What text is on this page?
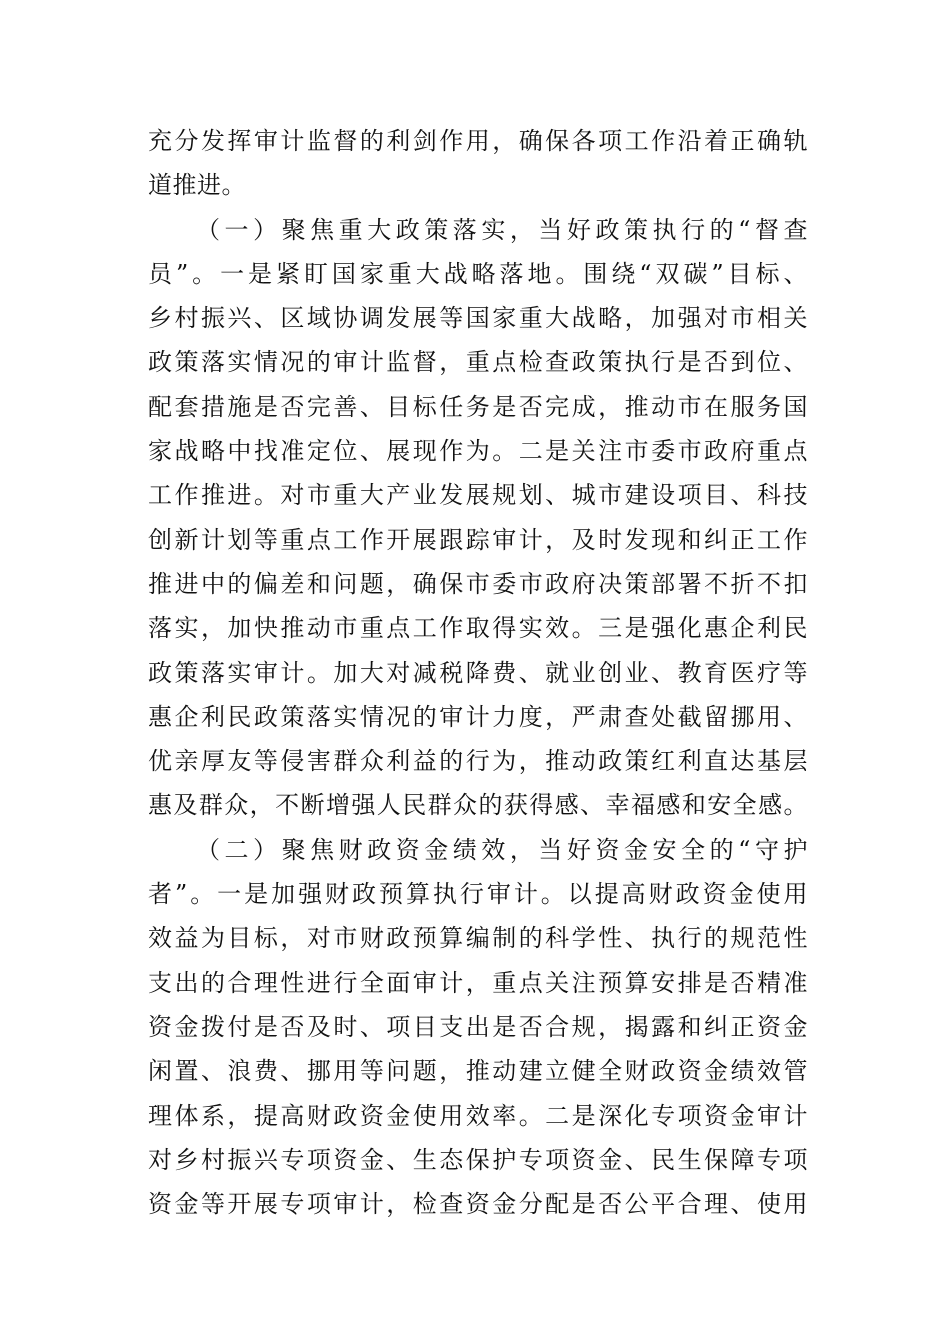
充分发挥审计监督的利剑作用，确保各项工作沿着正确轨
道推进。
（一）聚焦重大政策落实，当好政策执行的“督查
员”。一是紧盯国家重大战略落地。围绕“双碳”目标、
乡村振兴、区域协调发展等国家重大战略，加强对市相关
政策落实情况的审计监督，重点检查政策执行是否到位、
配套措施是否完善、目标任务是否完成，推动市在服务国
家战略中找准定位、展现作为。二是关注市委市政府重点
工作推进。对市重大产业发展规划、城市建设项目、科技
创新计划等重点工作开展跟踪审计，及时发现和纠正工作
推进中的偏差和问题，确保市委市政府决策部署不折不扣
落实，加快推动市重点工作取得实效。三是强化惠企利民
政策落实审计。加大对减税降费、就业创业、教育医疗等
惠企利民政策落实情况的审计力度，严肃查处截留挪用、
优亲厚友等侵害群众利益的行为，推动政策红利直达基层
惠及群众，不断增强人民群众的获得感、幸福感和安全感。
（二）聚焦财政资金绩效，当好资金安全的“守护
者”。一是加强财政预算执行审计。以提高财政资金使用
效益为目标，对市财政预算编制的科学性、执行的规范性
支出的合理性进行全面审计，重点关注预算安排是否精准
资金拨付是否及时、项目支出是否合规，揭露和纠正资金
闲置、浪费、挪用等问题，推动建立健全财政资金绩效管
理体系，提高财政资金使用效率。二是深化专项资金审计
对乡村振兴专项资金、生态保护专项资金、民生保障专项
资金等开展专项审计，检查资金分配是否公平合理、使用
